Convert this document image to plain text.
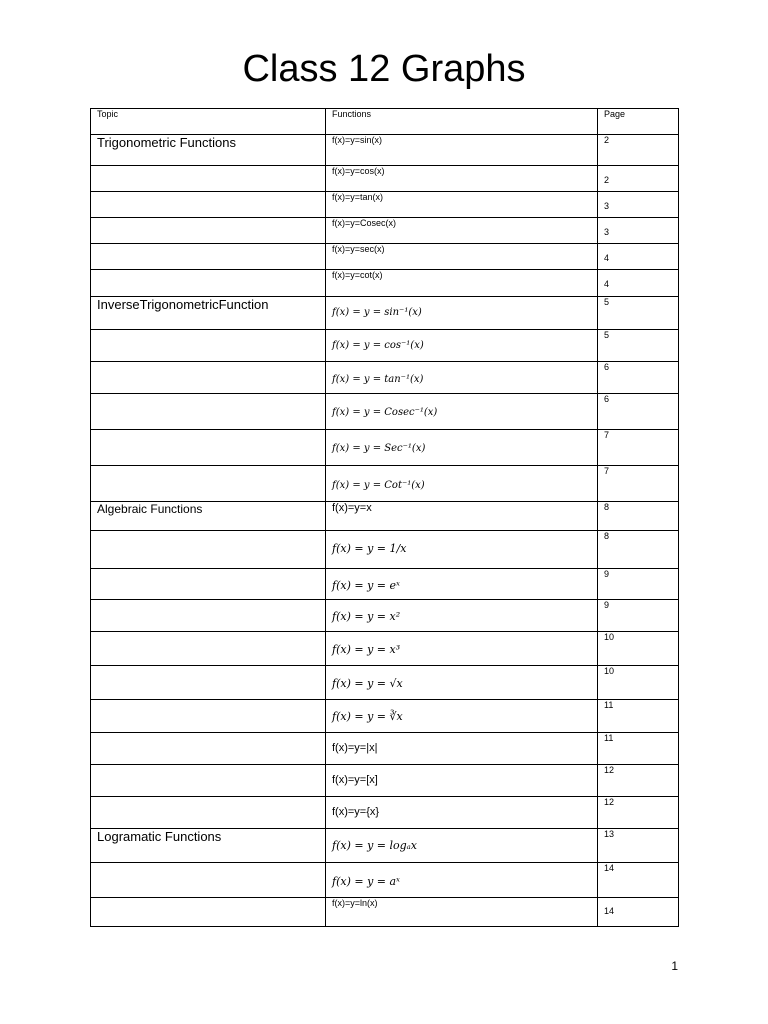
Class 12 Graphs
Topic	Functions	Page
Trigonometric Functions	f(x)=y=sin(x)	2
	f(x)=y=cos(x)	2
	f(x)=y=tan(x)	3
	f(x)=y=Cosec(x)	3
	f(x)=y=sec(x)	4
	f(x)=y=cot(x)	4
InverseTrigonometricFunction	f(x) = y = sin⁻¹(x)	5
	f(x) = y = cos⁻¹(x)	5
	f(x) = y = tan⁻¹(x)	6
	f(x) = y = Cosec⁻¹(x)	6
	f(x) = y = Sec⁻¹(x)	7
	f(x) = y = Cot⁻¹(x)	7
Algebraic Functions	f(x)=y=x	8
	f(x) = y = 1/x	8
	f(x) = y = eˣ	9
	f(x) = y = x²	9
	f(x) = y = x³	10
	f(x) = y = √x	10
	f(x) = y = ∛x	11
	f(x)=y=|x|	11
	f(x)=y=[x]	12
	f(x)=y={x}	12
Logramatic Functions	f(x) = y = logₐx	13
	f(x) = y = aˣ	14
	f(x)=y=ln(x)	14
1
